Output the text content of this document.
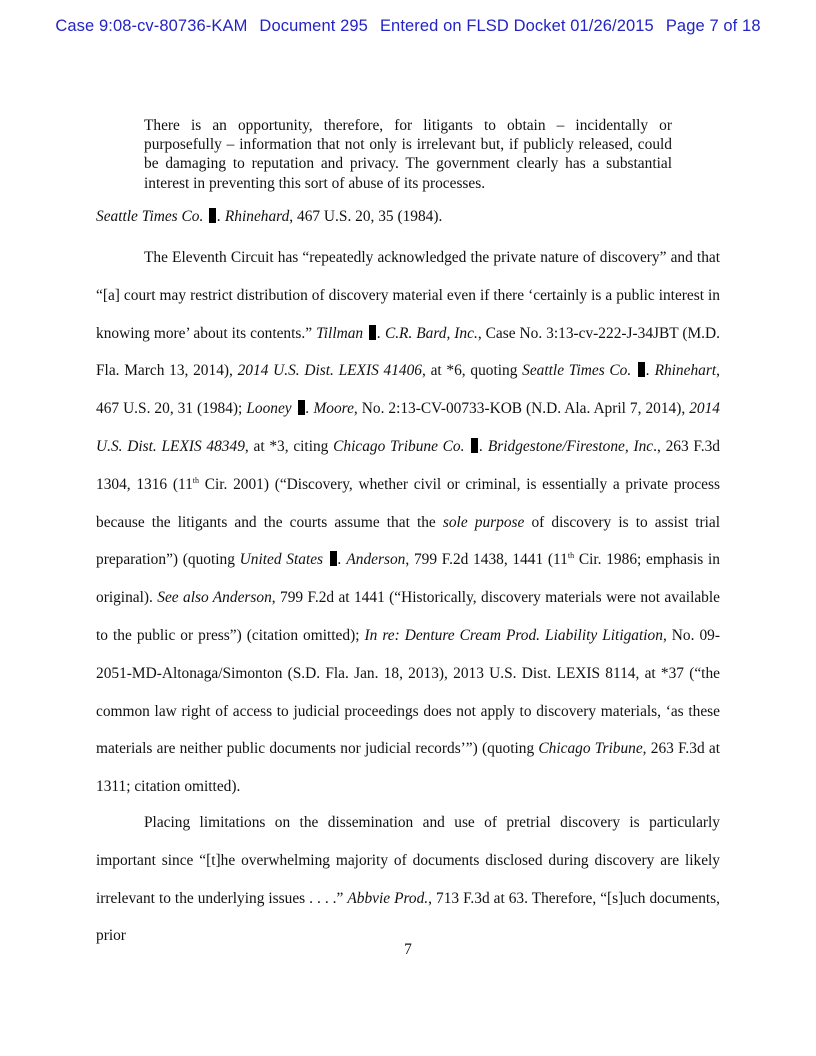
Case 9:08-cv-80736-KAM Document 295 Entered on FLSD Docket 01/26/2015 Page 7 of 18
There is an opportunity, therefore, for litigants to obtain – incidentally or purposefully – information that not only is irrelevant but, if publicly released, could be damaging to reputation and privacy. The government clearly has a substantial interest in preventing this sort of abuse of its processes.
Seattle Times Co. . Rhinehard, 467 U.S. 20, 35 (1984).
The Eleventh Circuit has “repeatedly acknowledged the private nature of discovery” and that “[a] court may restrict distribution of discovery material even if there ‘certainly is a public interest in knowing more’ about its contents.” Tillman . C.R. Bard, Inc., Case No. 3:13-cv-222-J-34JBT (M.D. Fla. March 13, 2014), 2014 U.S. Dist. LEXIS 41406, at *6, quoting Seattle Times Co. . Rhinehart, 467 U.S. 20, 31 (1984); Looney . Moore, No. 2:13-CV-00733-KOB (N.D. Ala. April 7, 2014), 2014 U.S. Dist. LEXIS 48349, at *3, citing Chicago Tribune Co. . Bridgestone/Firestone, Inc., 263 F.3d 1304, 1316 (11th Cir. 2001) (“Discovery, whether civil or criminal, is essentially a private process because the litigants and the courts assume that the sole purpose of discovery is to assist trial preparation”) (quoting United States . Anderson, 799 F.2d 1438, 1441 (11th Cir. 1986; emphasis in original). See also Anderson, 799 F.2d at 1441 (“Historically, discovery materials were not available to the public or press”) (citation omitted); In re: Denture Cream Prod. Liability Litigation, No. 09-2051-MD-Altonaga/Simonton (S.D. Fla. Jan. 18, 2013), 2013 U.S. Dist. LEXIS 8114, at *37 (“the common law right of access to judicial proceedings does not apply to discovery materials, ‘as these materials are neither public documents nor judicial records’”) (quoting Chicago Tribune, 263 F.3d at 1311; citation omitted).
Placing limitations on the dissemination and use of pretrial discovery is particularly important since “[t]he overwhelming majority of documents disclosed during discovery are likely irrelevant to the underlying issues . . . .” Abbvie Prod., 713 F.3d at 63. Therefore, “[s]uch documents, prior
7
